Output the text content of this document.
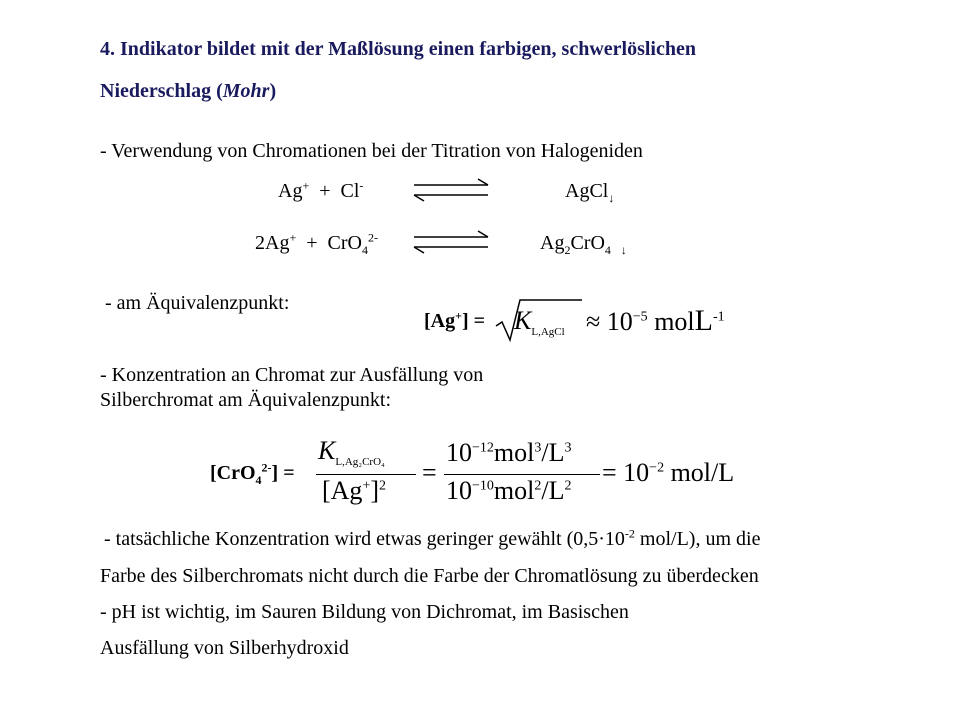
4. Indikator bildet mit der Maßlösung einen farbigen, schwerlöslichen
Niederschlag (Mohr)
- Verwendung von Chromationen bei der Titration von Halogeniden
Ag+ + Cl-	AgCl$_↓$
2Ag+ + CrO$_4^{2-}$	$Ag_2CrO_4$ $_↓$
- am Äquivalenzpunkt:
$[Ag^+] = K_{L,AgCl} \approx 10^{-5}$ molL$^{-1}$
- Konzentration an Chromat zur Ausfällung von
Silberchromat am Äquivalenzpunkt:
[CrO$_4^{2-}$] =
$K_{L,Ag_2CrO_4}$
$[Ag^+]^2$ =
$10^{-12}mol^3/L^3$
$10^{-10}mol^2/L^2 = 10^{-2}$ mol/L
- tatsächliche Konzentration wird etwas geringer gewählt ($0,5\cdot 10^{-2}$ mol/L), um die
Farbe des Silberchromats nicht durch die Farbe der Chromatlösung zu überdecken
- pH ist wichtig, im Sauren Bildung von Dichromat, im Basischen
Ausfällung von Silberhydroxid
